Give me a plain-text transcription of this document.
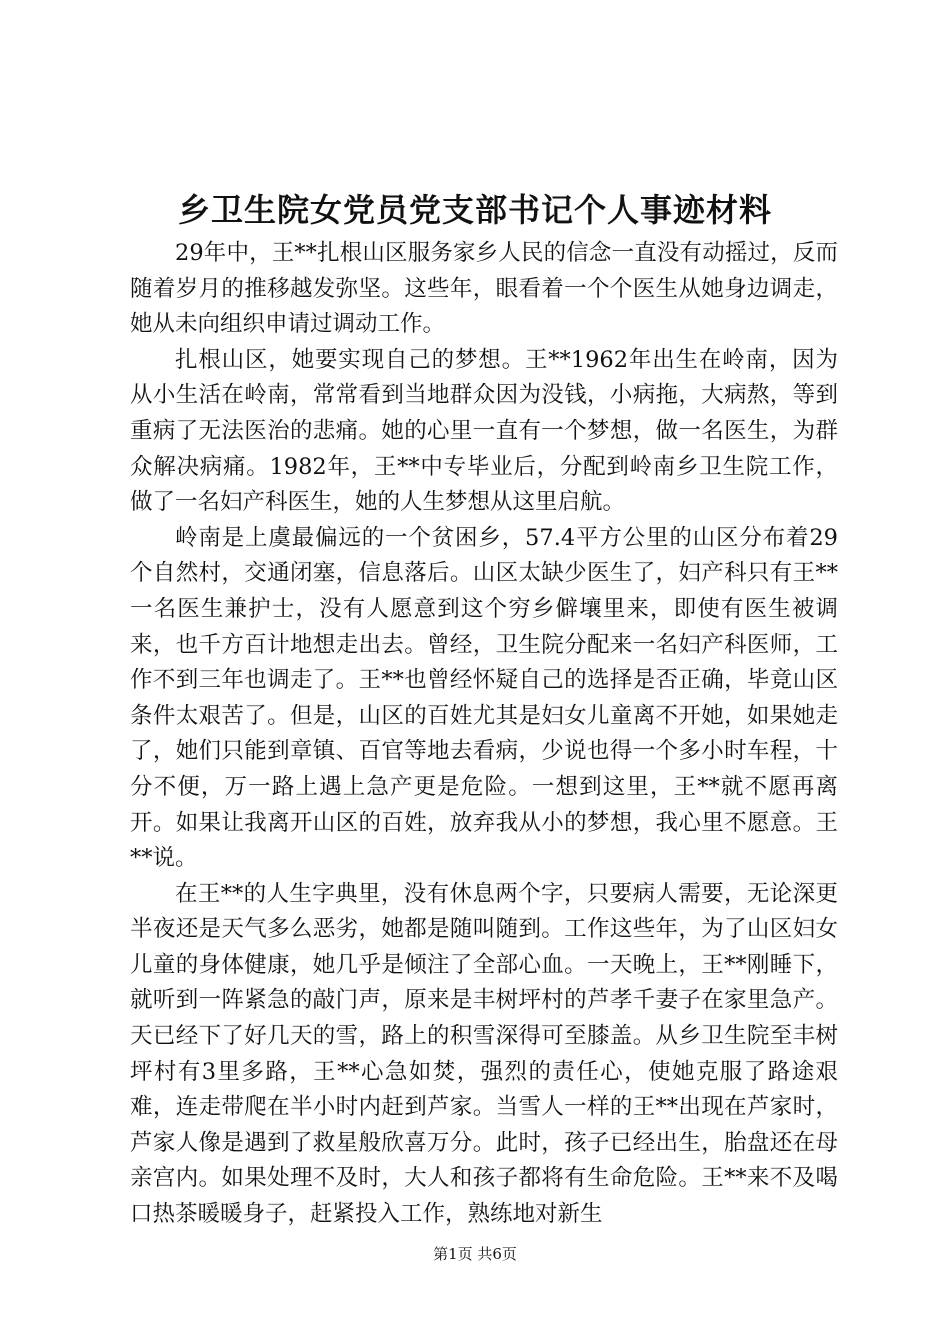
乡卫生院女党员党支部书记个人事迹材料

29年中，王**扎根山区服务家乡人民的信念一直没有动摇过，反而随着岁月的推移越发弥坚。这些年，眼看着一个个医生从她身边调走，她从未向组织申请过调动工作。

扎根山区，她要实现自己的梦想。王**1962年出生在岭南，因为从小生活在岭南，常常看到当地群众因为没钱，小病拖，大病熬，等到重病了无法医治的悲痛。她的心里一直有一个梦想，做一名医生，为群众解决病痛。1982年，王**中专毕业后，分配到岭南乡卫生院工作，做了一名妇产科医生，她的人生梦想从这里启航。

岭南是上虞最偏远的一个贫困乡，57.4平方公里的山区分布着29个自然村，交通闭塞，信息落后。山区太缺少医生了，妇产科只有王**一名医生兼护士，没有人愿意到这个穷乡僻壤里来，即使有医生被调来，也千方百计地想走出去。曾经，卫生院分配来一名妇产科医师，工作不到三年也调走了。王**也曾经怀疑自己的选择是否正确，毕竟山区条件太艰苦了。但是，山区的百姓尤其是妇女儿童离不开她，如果她走了，她们只能到章镇、百官等地去看病，少说也得一个多小时车程，十分不便，万一路上遇上急产更是危险。一想到这里，王**就不愿再离开。如果让我离开山区的百姓，放弃我从小的梦想，我心里不愿意。王**说。

在王**的人生字典里，没有休息两个字，只要病人需要，无论深更半夜还是天气多么恶劣，她都是随叫随到。工作这些年，为了山区妇女儿童的身体健康，她几乎是倾注了全部心血。一天晚上，王**刚睡下，就听到一阵紧急的敲门声，原来是丰树坪村的芦孝千妻子在家里急产。天已经下了好几天的雪，路上的积雪深得可至膝盖。从乡卫生院至丰树坪村有3里多路，王**心急如焚，强烈的责任心，使她克服了路途艰难，连走带爬在半小时内赶到芦家。当雪人一样的王**出现在芦家时，芦家人像是遇到了救星般欣喜万分。此时，孩子已经出生，胎盘还在母亲宫内。如果处理不及时，大人和孩子都将有生命危险。王**来不及喝口热茶暖暖身子，赶紧投入工作，熟练地对新生

第1页 共6页
